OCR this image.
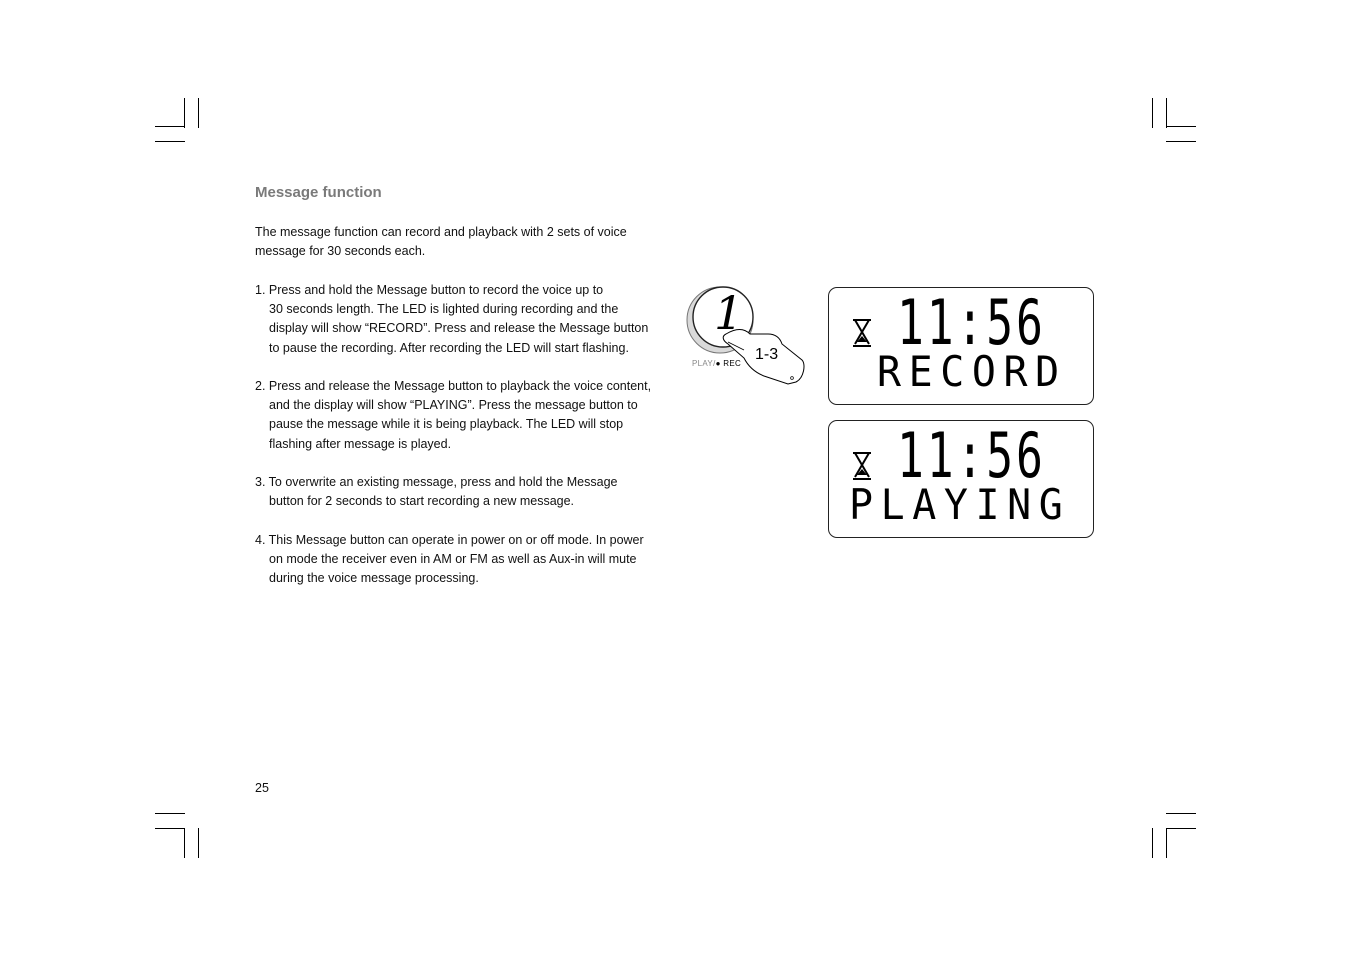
Message function
The message function can record and playback with 2 sets of voice
message for 30 seconds each.
1. Press and hold the Message button to record the voice up to
30 seconds length. The LED is lighted during recording and the
display will show “RECORD”. Press and release the Message button
to pause the recording. After recording the LED will start flashing.
2. Press and release the Message button to playback the voice content,
and the display will show “PLAYING”. Press the message button to
pause the message while it is being playback. The LED will stop
flashing after message is played.
3. To overwrite an existing message, press and hold the Message
button for 2 seconds to start recording a new message.
4. This Message button can operate in power on or off mode. In power
on mode the receiver even in AM or FM as well as Aux-in will mute
during the voice message processing.
1
1-3
PLAY/● REC
11:56
RECORD
11:56
PLAYING
25
